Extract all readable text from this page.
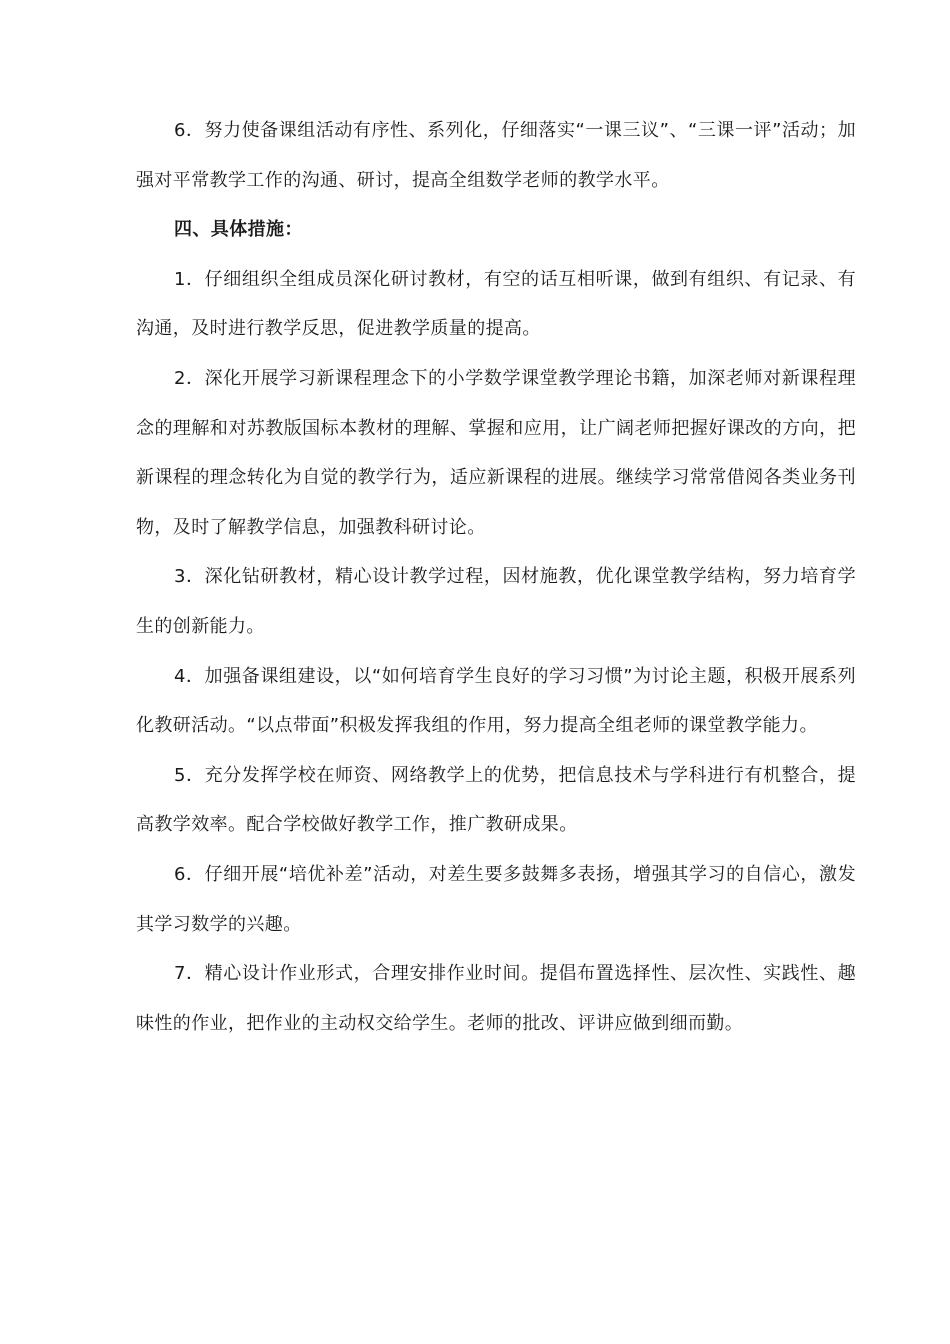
6．努力使备课组活动有序性、系列化，仔细落实“一课三议”、“三课一评”活动；加强对平常教学工作的沟通、研讨，提高全组数学老师的教学水平。

四、具体措施：

1．仔细组织全组成员深化研讨教材，有空的话互相听课，做到有组织、有记录、有沟通，及时进行教学反思，促进教学质量的提高。

2．深化开展学习新课程理念下的小学数学课堂教学理论书籍，加深老师对新课程理念的理解和对苏教版国标本教材的理解、掌握和应用，让广阔老师把握好课改的方向，把新课程的理念转化为自觉的教学行为，适应新课程的进展。继续学习常常借阅各类业务刊物，及时了解教学信息，加强教科研讨论。

3．深化钻研教材，精心设计教学过程，因材施教，优化课堂教学结构，努力培育学生的创新能力。

4．加强备课组建设，以“如何培育学生良好的学习习惯”为讨论主题，积极开展系列化教研活动。“以点带面”积极发挥我组的作用，努力提高全组老师的课堂教学能力。

5．充分发挥学校在师资、网络教学上的优势，把信息技术与学科进行有机整合，提高教学效率。配合学校做好教学工作，推广教研成果。

6．仔细开展“培优补差”活动，对差生要多鼓舞多表扬，增强其学习的自信心，激发其学习数学的兴趣。

7．精心设计作业形式，合理安排作业时间。提倡布置选择性、层次性、实践性、趣味性的作业，把作业的主动权交给学生。老师的批改、评讲应做到细而勤。
